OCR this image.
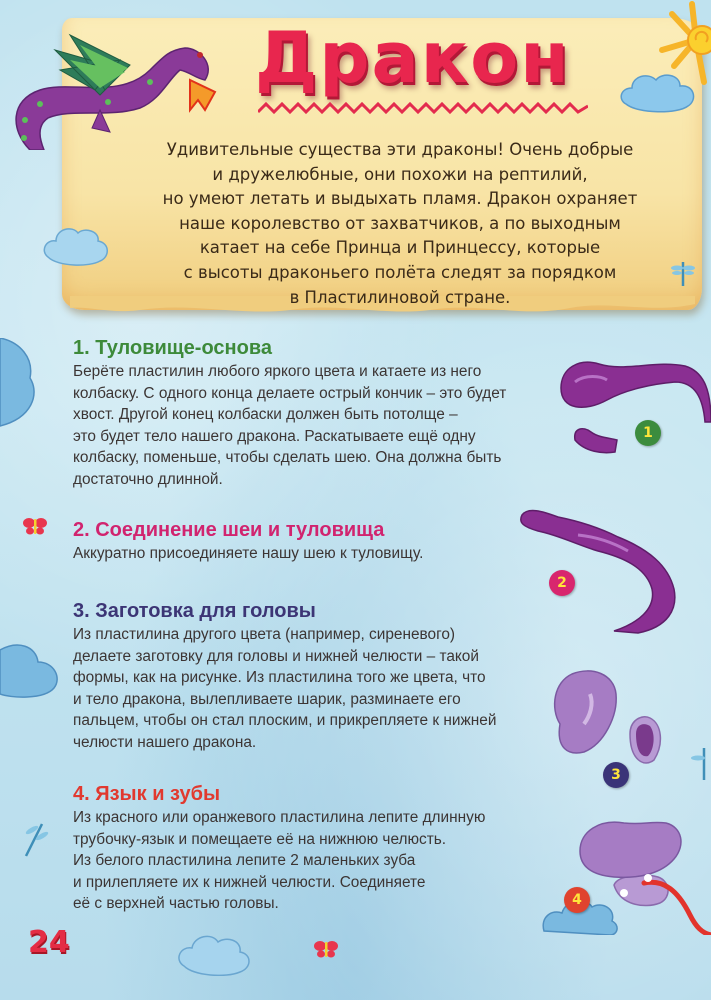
Дракон

Удивительные существа эти драконы! Очень добрые

и дружелюбные, они похожи на рептилий,

но умеют летать и выдыхать пламя. Дракон охраняет

наше королевство от захватчиков, а по выходным

катает на себе Принца и Принцессу, которые

с высоты драконьего полёта следят за порядком

в Пластилиновой стране.

1. Туловище-основа
Берёте пластилин любого яркого цвета и катаете из него
колбаску. С одного конца делаете острый кончик – это будет
хвост. Другой конец колбаски должен быть потолще –
это будет тело нашего дракона. Раскатываете ещё одну
колбаску, поменьше, чтобы сделать шею. Она должна быть
достаточно длинной.
2. Соединение шеи и туловища
Аккуратно присоединяете нашу шею к туловищу.
3. Заготовка для головы
Из пластилина другого цвета (например, сиреневого)
делаете заготовку для головы и нижней челюсти – такой
формы, как на рисунке. Из пластилина того же цвета, что
и тело дракона, вылепливаете шарик, разминаете его
пальцем, чтобы он стал плоским, и прикрепляете к нижней
челюсти нашего дракона.
4. Язык и зубы
Из красного или оранжевого пластилина лепите длинную
трубочку-язык и помещаете её на нижнюю челюсть.
Из белого пластилина лепите 2 маленьких зуба
и прилепляете их к нижней челюсти. Соединяете
её с верхней частью головы.
1
2
3
4
24
